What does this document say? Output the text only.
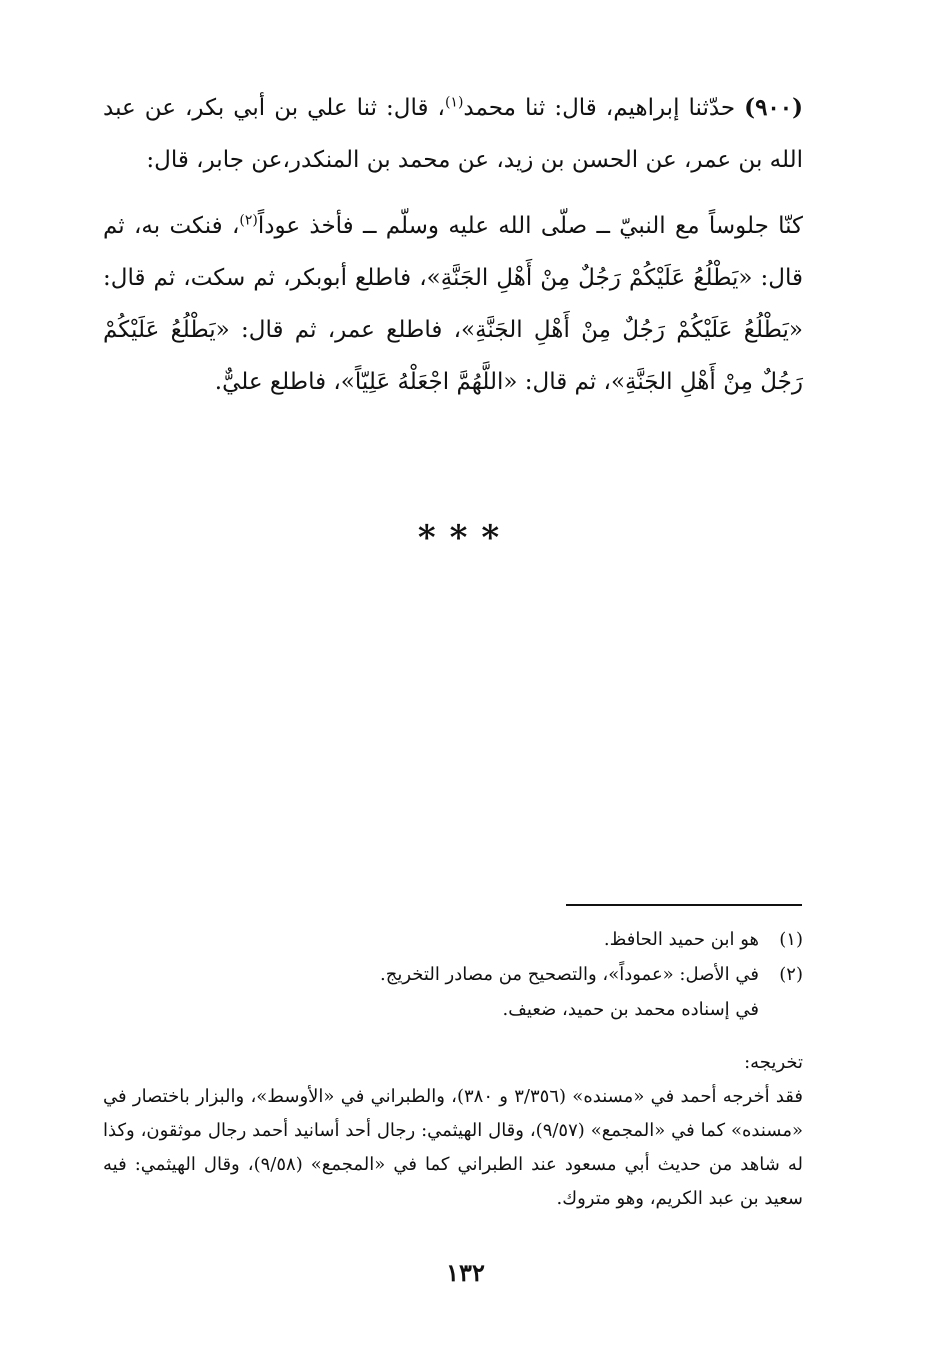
(٩٠٠) حدّثنا إبراهيم، قال: ثنا محمد$^{(١)}$، قال: ثنا علي بن أبي بكر، عن عبد الله بن عمر، عن الحسن بن زيد، عن محمد بن المنكدر،عن جابر، قال:

كنّا جلوساً مع النبيّ ــ صلّى الله عليه وسلّم ــ فأخذ عوداً$^{(٢)}$، فنكت به، ثم قال: «يَطْلُعُ عَلَيْكُمْ رَجُلٌ مِنْ أَهْلِ الجَنَّةِ»، فاطلع أبوبكر، ثم سكت، ثم قال: «يَطْلُعُ عَلَيْكُمْ رَجُلٌ مِنْ أَهْلِ الجَنَّةِ»، فاطلع عمر، ثم قال: «يَطْلُعُ عَلَيْكُمْ رَجُلٌ مِنْ أَهْلِ الجَنَّةِ»، ثم قال: «اللَّهُمَّ اجْعَلْهُ عَلِيّاً»، فاطلع عليٌّ.

***
(١)
هو ابن حميد الحافظ.
(٢)
في الأصل: «عموداً»، والتصحيح من مصادر التخريج.
في إسناده محمد بن حميد، ضعيف.

تخريجه:

فقد أخرجه أحمد في «مسنده» (٣/٣٥٦ و ٣٨٠)، والطبراني في «الأوسط»، والبزار باختصار في «مسنده» كما في «المجمع» (٩/٥٧)، وقال الهيثمي: رجال أحد أسانيد أحمد رجال موثقون، وكذا له شاهد من حديث أبي مسعود عند الطبراني كما في «المجمع» (٩/٥٨)، وقال الهيثمي: فيه سعيد بن عبد الكريم، وهو متروك.

١٣٢
